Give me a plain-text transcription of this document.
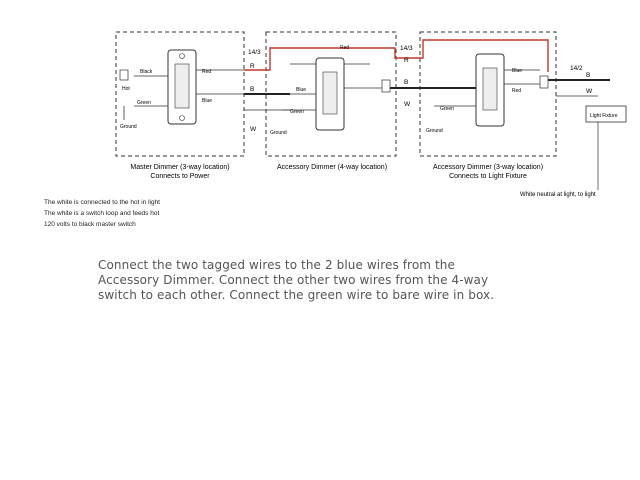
Black	Red
Blue
Green
Ground
Hot
Red
Blue
Green
Ground
Blue
Red
Green
Ground
14/3
14/3
14/2
R
B
W
R
B
W
B
W
Light Fixture
Master Dimmer (3-way location)
Connects to Power
Accessory Dimmer (4-way location)	Accessory Dimmer (3-way location)
Connects to Light Fixture
White neutral at light, to light
The white is connected to the hot in light
The white is a switch loop and feeds hot
120 volts to black master switch
Connect the two tagged wires to the 2 blue wires from the
Accessory Dimmer. Connect the other two wires from the 4-way
switch to each other. Connect the green wire to bare wire in box.
